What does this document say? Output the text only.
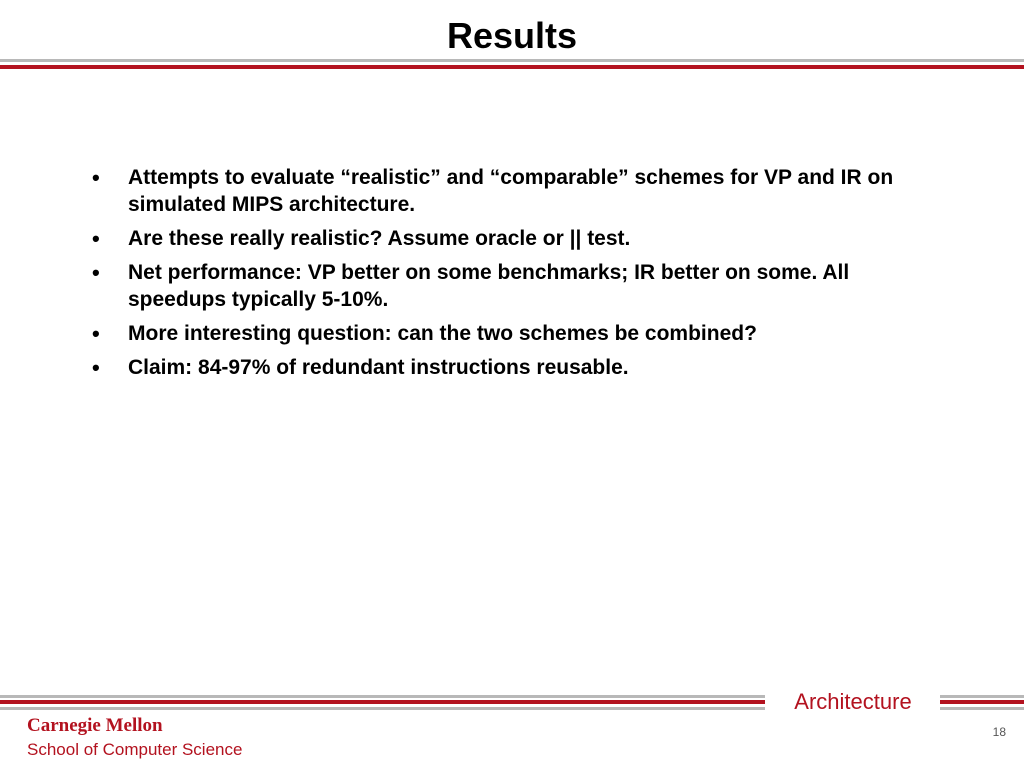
Results
• Attempts to evaluate “realistic” and “comparable” schemes for VP and IR on simulated MIPS architecture.
• Are these really realistic? Assume oracle or || test.
• Net performance: VP better on some benchmarks; IR better on some. All speedups typically 5-10%.
• More interesting question: can the two schemes be combined?
• Claim: 84-97% of redundant instructions reusable.
Architecture
Carnegie Mellon
School of Computer Science
18
